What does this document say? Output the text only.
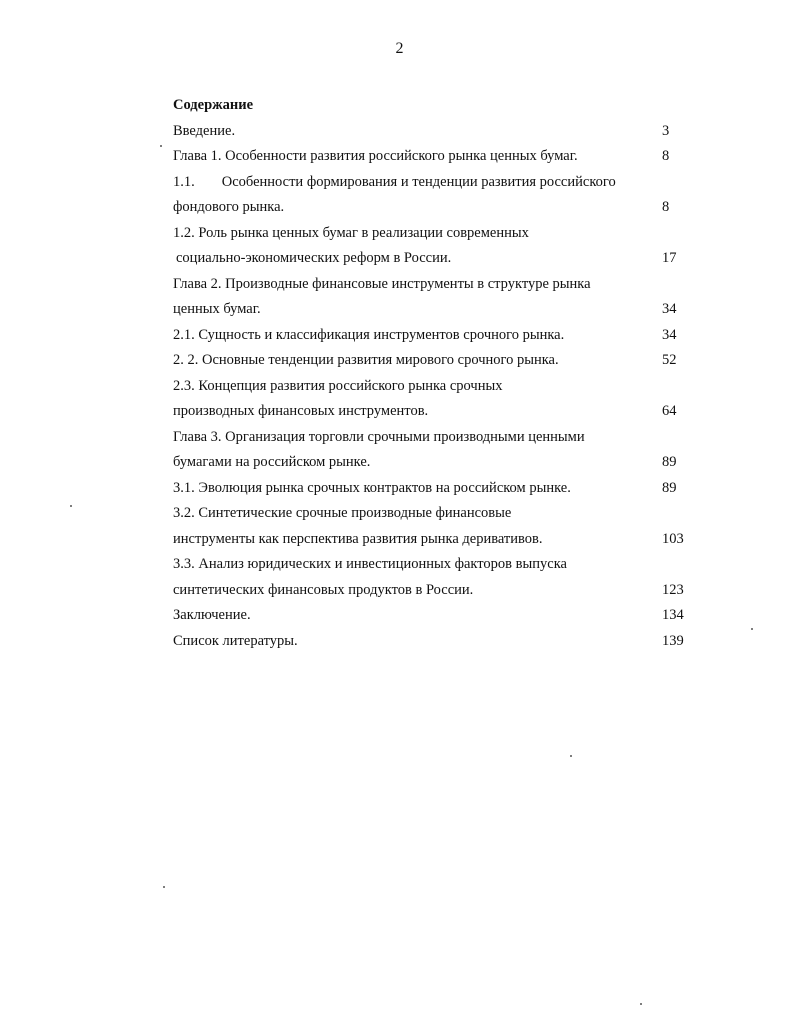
2
Содержание
Введение.	3
Глава 1. Особенности развития российского рынка ценных бумаг.	8
1.1. Особенности формирования и тенденции развития российского
фондового рынка.	8
1.2. Роль рынка ценных бумаг в реализации современных
социально-экономических реформ в России.	17
Глава 2. Производные финансовые инструменты в структуре рынка
ценных бумаг.	34
2.1. Сущность и классификация инструментов срочного рынка.	34
2. 2. Основные тенденции развития мирового срочного рынка.	52
2.3. Концепция развития российского рынка срочных
производных финансовых инструментов.	64
Глава 3. Организация торговли срочными производными ценными
бумагами на российском рынке.	89
3.1. Эволюция рынка срочных контрактов на российском рынке.	89
3.2. Синтетические срочные производные финансовые
инструменты как перспектива развития рынка деривативов.	103
3.3. Анализ юридических и инвестиционных факторов выпуска
синтетических финансовых продуктов в России.	123
Заключение.	134
Список литературы.	139
